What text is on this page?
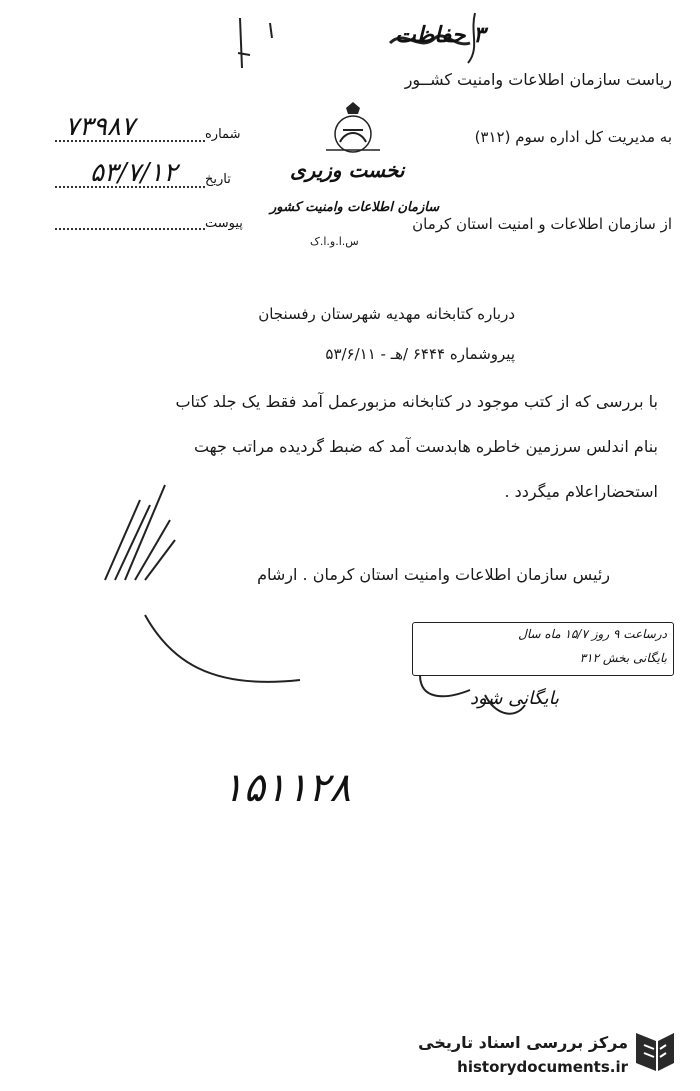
۳ حفاظت
ریاست سازمان اطلاعات وامنیت کشــور
شماره
۷۳۹۸۷
تاریخ
۵۳/۷/۱۲
پیوست
نخست وزیری
سازمان اطلاعات وامنیت کشور
س.ا.و.ا.ک
به مدیریت کل اداره سوم (۳۱۲)
از سازمان اطلاعات و امنیت استان کرمان
درباره کتابخانه مهدیه شهرستان رفسنجان
پیروشماره ۶۴۴۴ /هـ - ۵۳/۶/۱۱
با بررسی که از کتب موجود در کتابخانه مزبورعمل آمد فقط یک جلد کتاب
بنام اندلس سرزمین خاطره هابدست آمد که ضبط گردیده مراتب جهت
استحضاراعلام میگردد .
رئیس سازمان اطلاعات وامنیت استان کرمان . ارشام
درساعت ۹ روز ۱۵/۷ ماه سال
بایگانی بخش ۳۱۲
بایگانی شود
۱۵۱۱۲۸
مرکز بررسی اسناد تاریخی
historydocuments.ir
